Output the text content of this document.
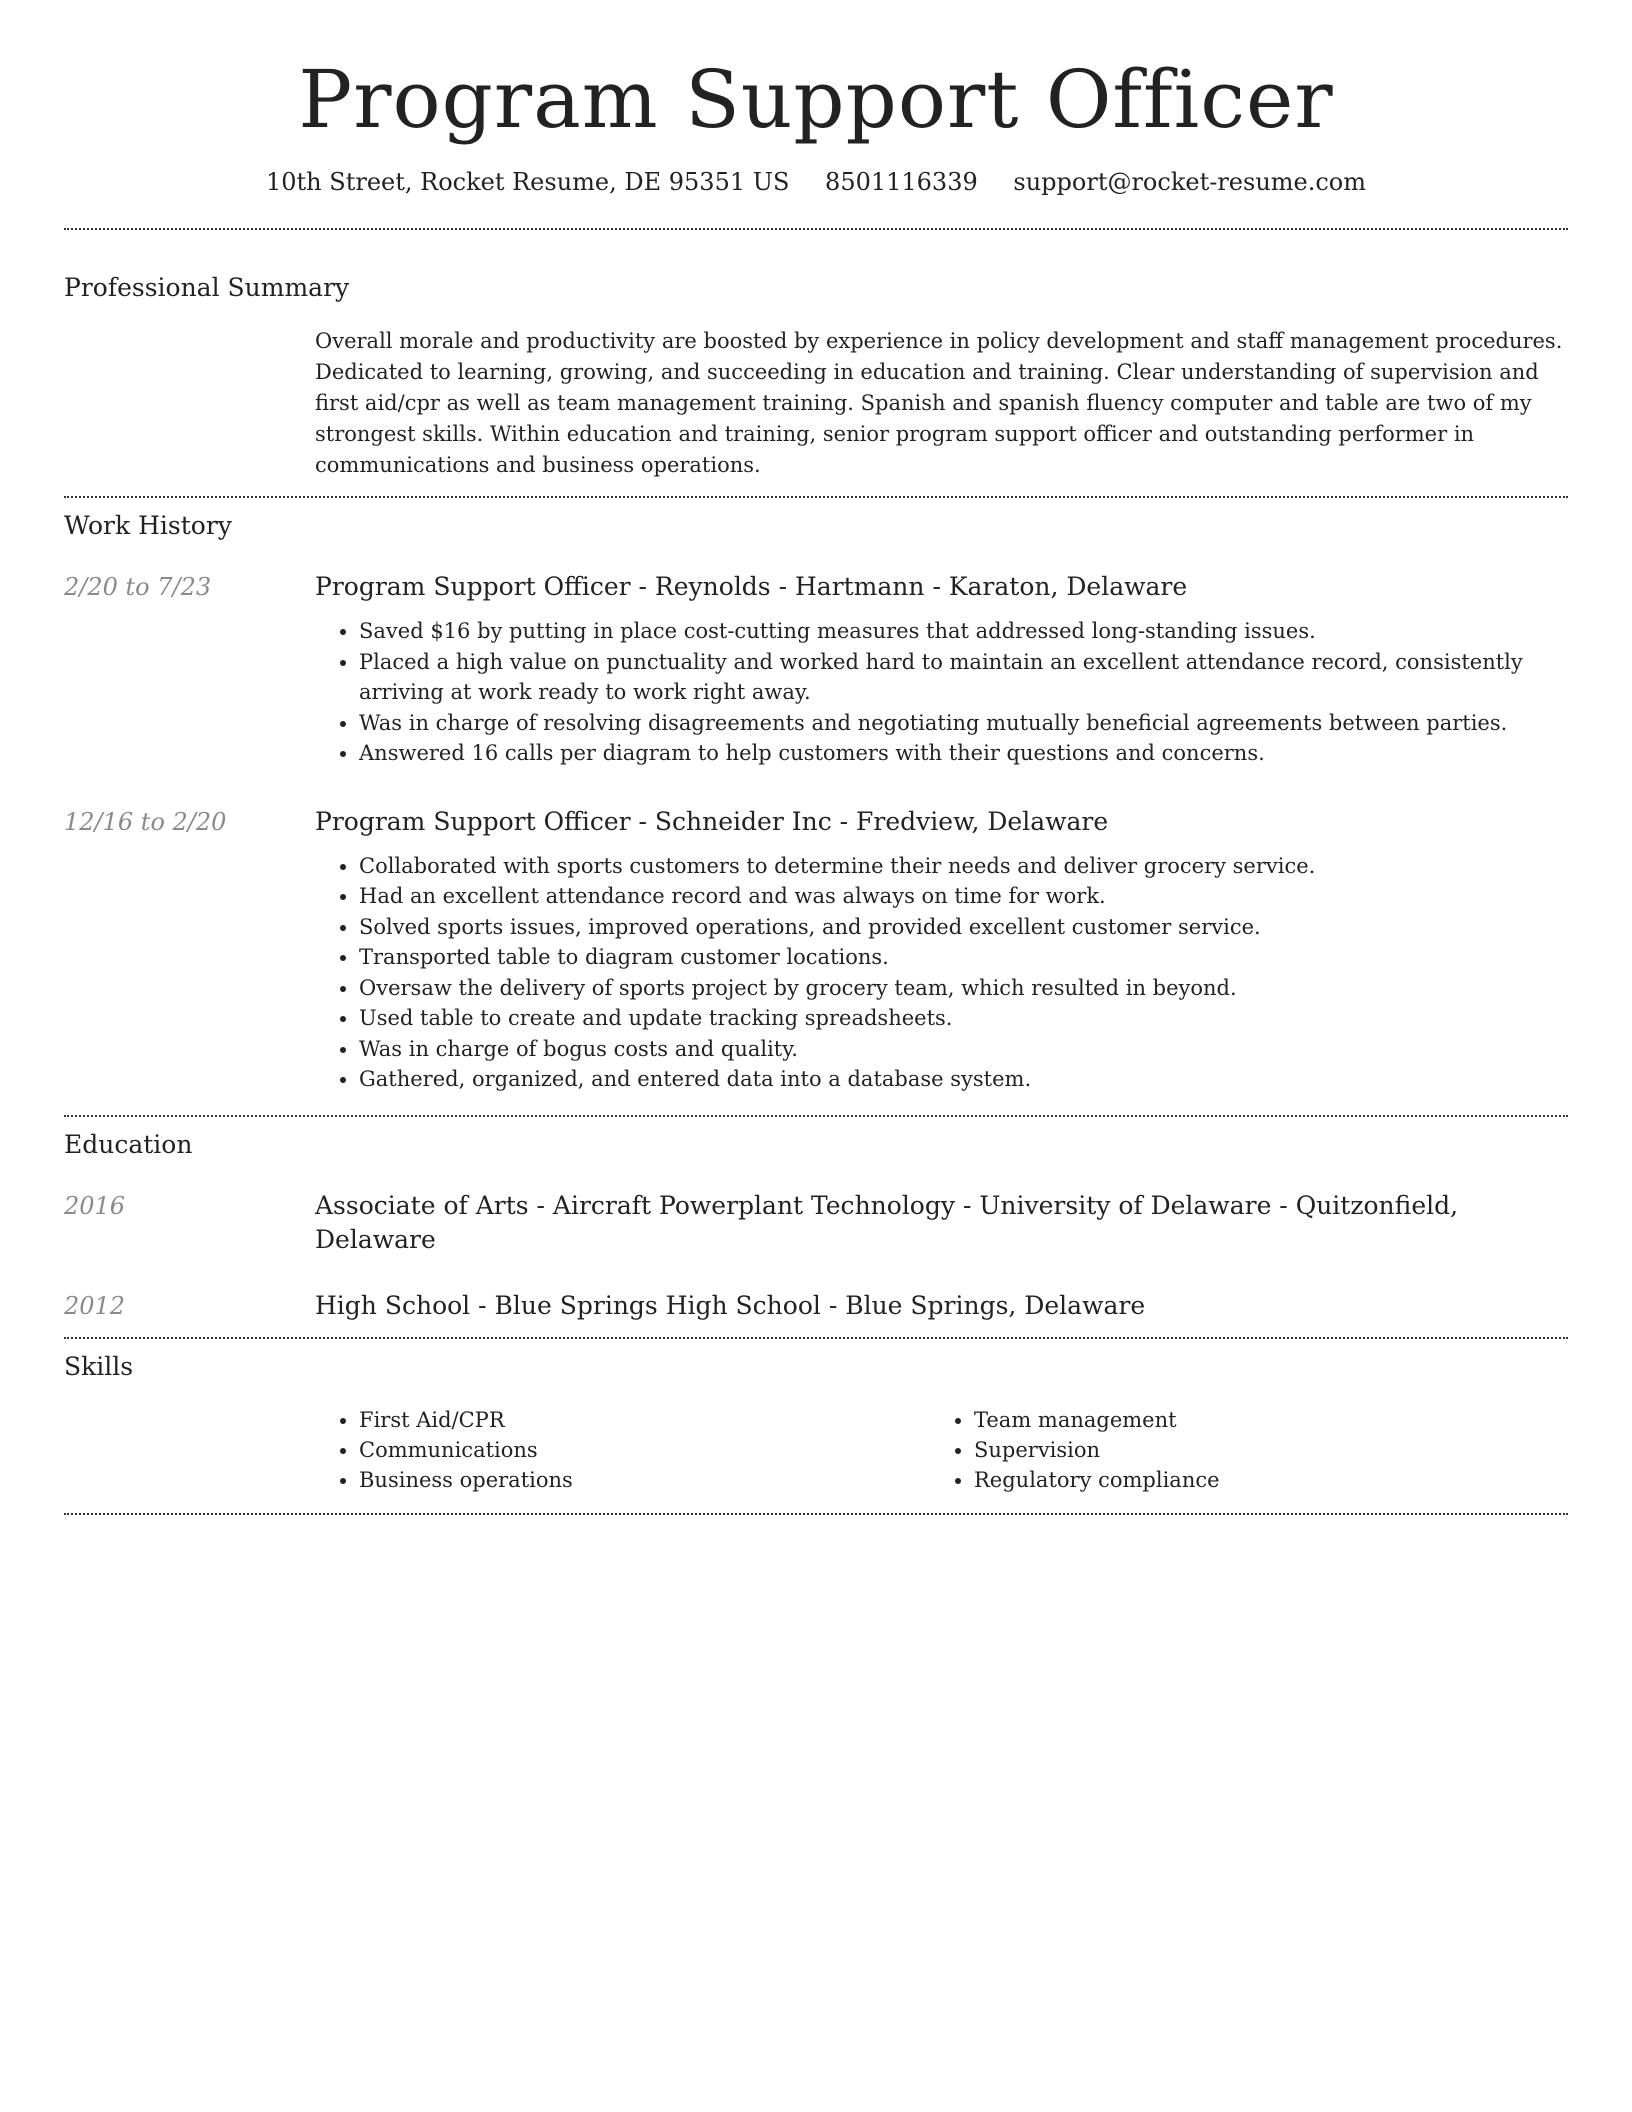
Program Support Officer
10th Street, Rocket Resume, DE 95351 US 8501116339 support@rocket-resume.com
Professional Summary

Overall morale and productivity are boosted by experience in policy development and staff management procedures. Dedicated to learning, growing, and succeeding in education and training. Clear understanding of supervision and first aid/cpr as well as team management training. Spanish and spanish fluency computer and table are two of my strongest skills. Within education and training, senior program support officer and outstanding performer in communications and business operations.

Work History
2/20 to 7/23	Program Support Officer - Reynolds - Hartmann - Karaton, Delaware
• Saved $16 by putting in place cost-cutting measures that addressed long-standing issues.
• Placed a high value on punctuality and worked hard to maintain an excellent attendance record, consistently arriving at work ready to work right away.
• Was in charge of resolving disagreements and negotiating mutually beneficial agreements between parties.
• Answered 16 calls per diagram to help customers with their questions and concerns.
12/16 to 2/20	Program Support Officer - Schneider Inc - Fredview, Delaware
• Collaborated with sports customers to determine their needs and deliver grocery service.
• Had an excellent attendance record and was always on time for work.
• Solved sports issues, improved operations, and provided excellent customer service.
• Transported table to diagram customer locations.
• Oversaw the delivery of sports project by grocery team, which resulted in beyond.
• Used table to create and update tracking spreadsheets.
• Was in charge of bogus costs and quality.
• Gathered, organized, and entered data into a database system.
Education
2016	Associate of Arts - Aircraft Powerplant Technology - University of Delaware - Quitzonfield, Delaware
2012	High School - Blue Springs High School - Blue Springs, Delaware
Skills
• First Aid/CPR
• Communications
• Business operations
• Team management
• Supervision
• Regulatory compliance
